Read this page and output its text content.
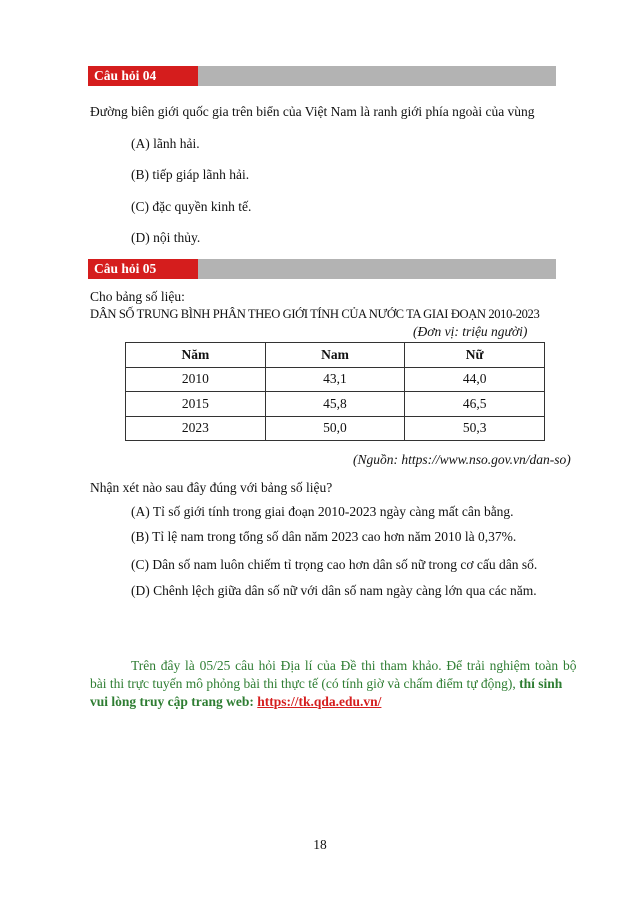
Câu hỏi 04
Đường biên giới quốc gia trên biển của Việt Nam là ranh giới phía ngoài của vùng
(A) lãnh hải.
(B) tiếp giáp lãnh hải.
(C) đặc quyền kinh tế.
(D) nội thủy.
Câu hỏi 05
Cho bảng số liệu:
DÂN SỐ TRUNG BÌNH PHÂN THEO GIỚI TÍNH CỦA NƯỚC TA GIAI ĐOẠN 2010-2023
(Đơn vị: triệu người)
Năm	Nam	Nữ
2010	43,1	44,0
2015	45,8	46,5
2023	50,0	50,3
(Nguồn: https://www.nso.gov.vn/dan-so)
Nhận xét nào sau đây đúng với bảng số liệu?
(A) Tỉ số giới tính trong giai đoạn 2010-2023 ngày càng mất cân bằng.
(B) Tỉ lệ nam trong tổng số dân năm 2023 cao hơn năm 2010 là 0,37%.
(C) Dân số nam luôn chiếm tỉ trọng cao hơn dân số nữ trong cơ cấu dân số.
(D) Chênh lệch giữa dân số nữ với dân số nam ngày càng lớn qua các năm.
Trên đây là 05/25 câu hỏi Địa lí của Đề thi tham khảo. Để trải nghiệm toàn bộ
bài thi trực tuyến mô phỏng bài thi thực tế (có tính giờ và chấm điểm tự động), thí sinh
vui lòng truy cập trang web: https://tk.qda.edu.vn/
18
